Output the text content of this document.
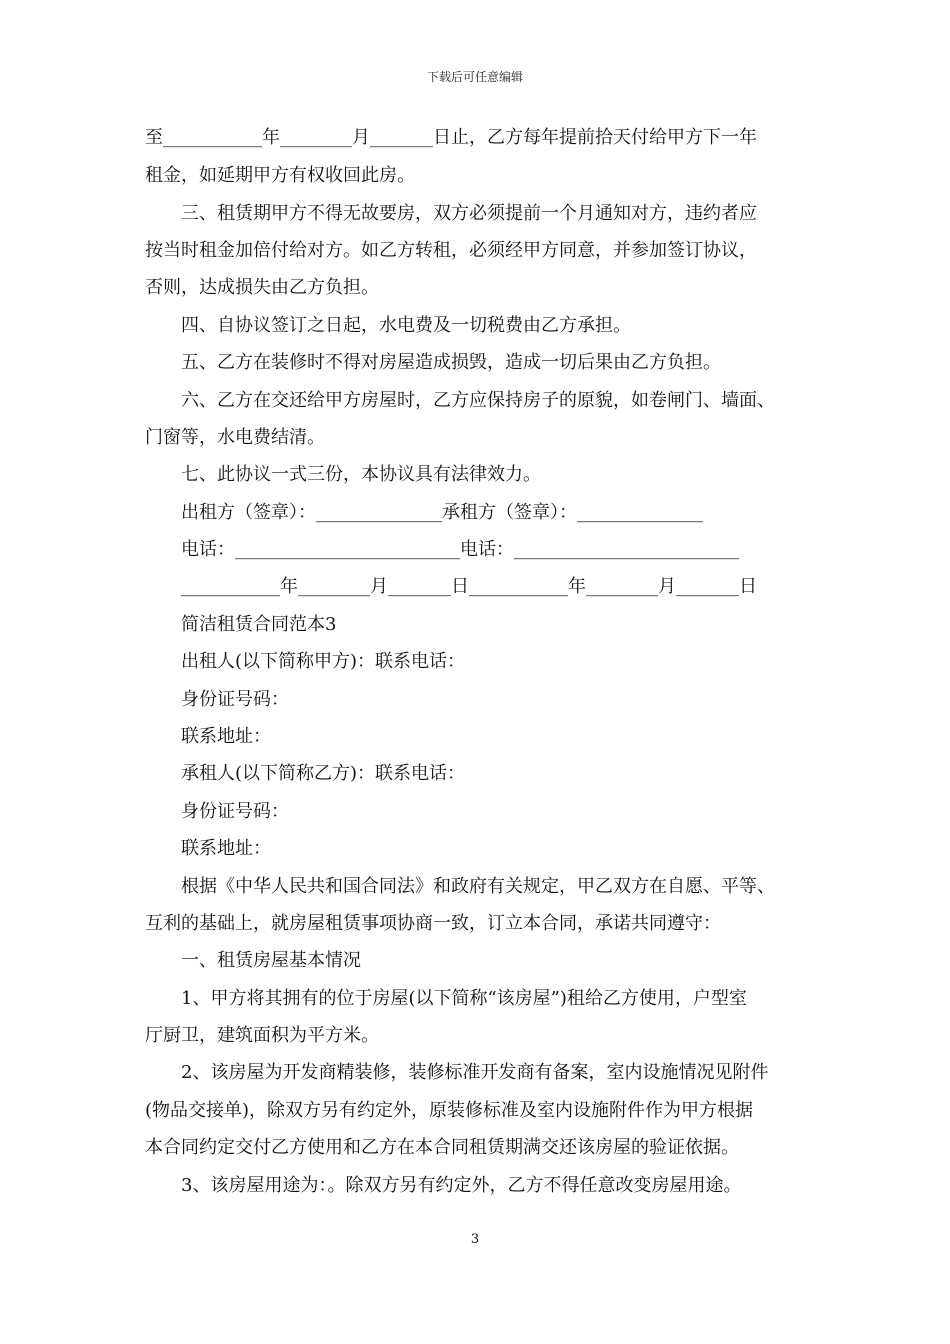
下载后可任意编辑
至___________年________月_______日止，乙方每年提前拾天付给甲方下一年
租金，如延期甲方有权收回此房。
三、租赁期甲方不得无故要房，双方必须提前一个月通知对方，违约者应
按当时租金加倍付给对方。如乙方转租，必须经甲方同意，并参加签订协议，
否则，达成损失由乙方负担。
四、自协议签订之日起，水电费及一切税费由乙方承担。
五、乙方在装修时不得对房屋造成损毁，造成一切后果由乙方负担。
六、乙方在交还给甲方房屋时，乙方应保持房子的原貌，如卷闸门、墙面、
门窗等，水电费结清。
七、此协议一式三份，本协议具有法律效力。
出租方（签章）：______________承租方（签章）：______________
电话：_________________________电话：_________________________
___________年________月_______日___________年________月_______日
简洁租赁合同范本3
出租人(以下简称甲方)：联系电话：
身份证号码：
联系地址：
承租人(以下简称乙方)：联系电话：
身份证号码：
联系地址：
根据《中华人民共和国合同法》和政府有关规定，甲乙双方在自愿、平等、
互利的基础上，就房屋租赁事项协商一致，订立本合同，承诺共同遵守：
一、租赁房屋基本情况
1、甲方将其拥有的位于房屋(以下简称“该房屋”)租给乙方使用，户型室
厅厨卫，建筑面积为平方米。
2、该房屋为开发商精装修，装修标准开发商有备案，室内设施情况见附件
(物品交接单)，除双方另有约定外，原装修标准及室内设施附件作为甲方根据
本合同约定交付乙方使用和乙方在本合同租赁期满交还该房屋的验证依据。
3、该房屋用途为：。除双方另有约定外，乙方不得任意改变房屋用途。
3
